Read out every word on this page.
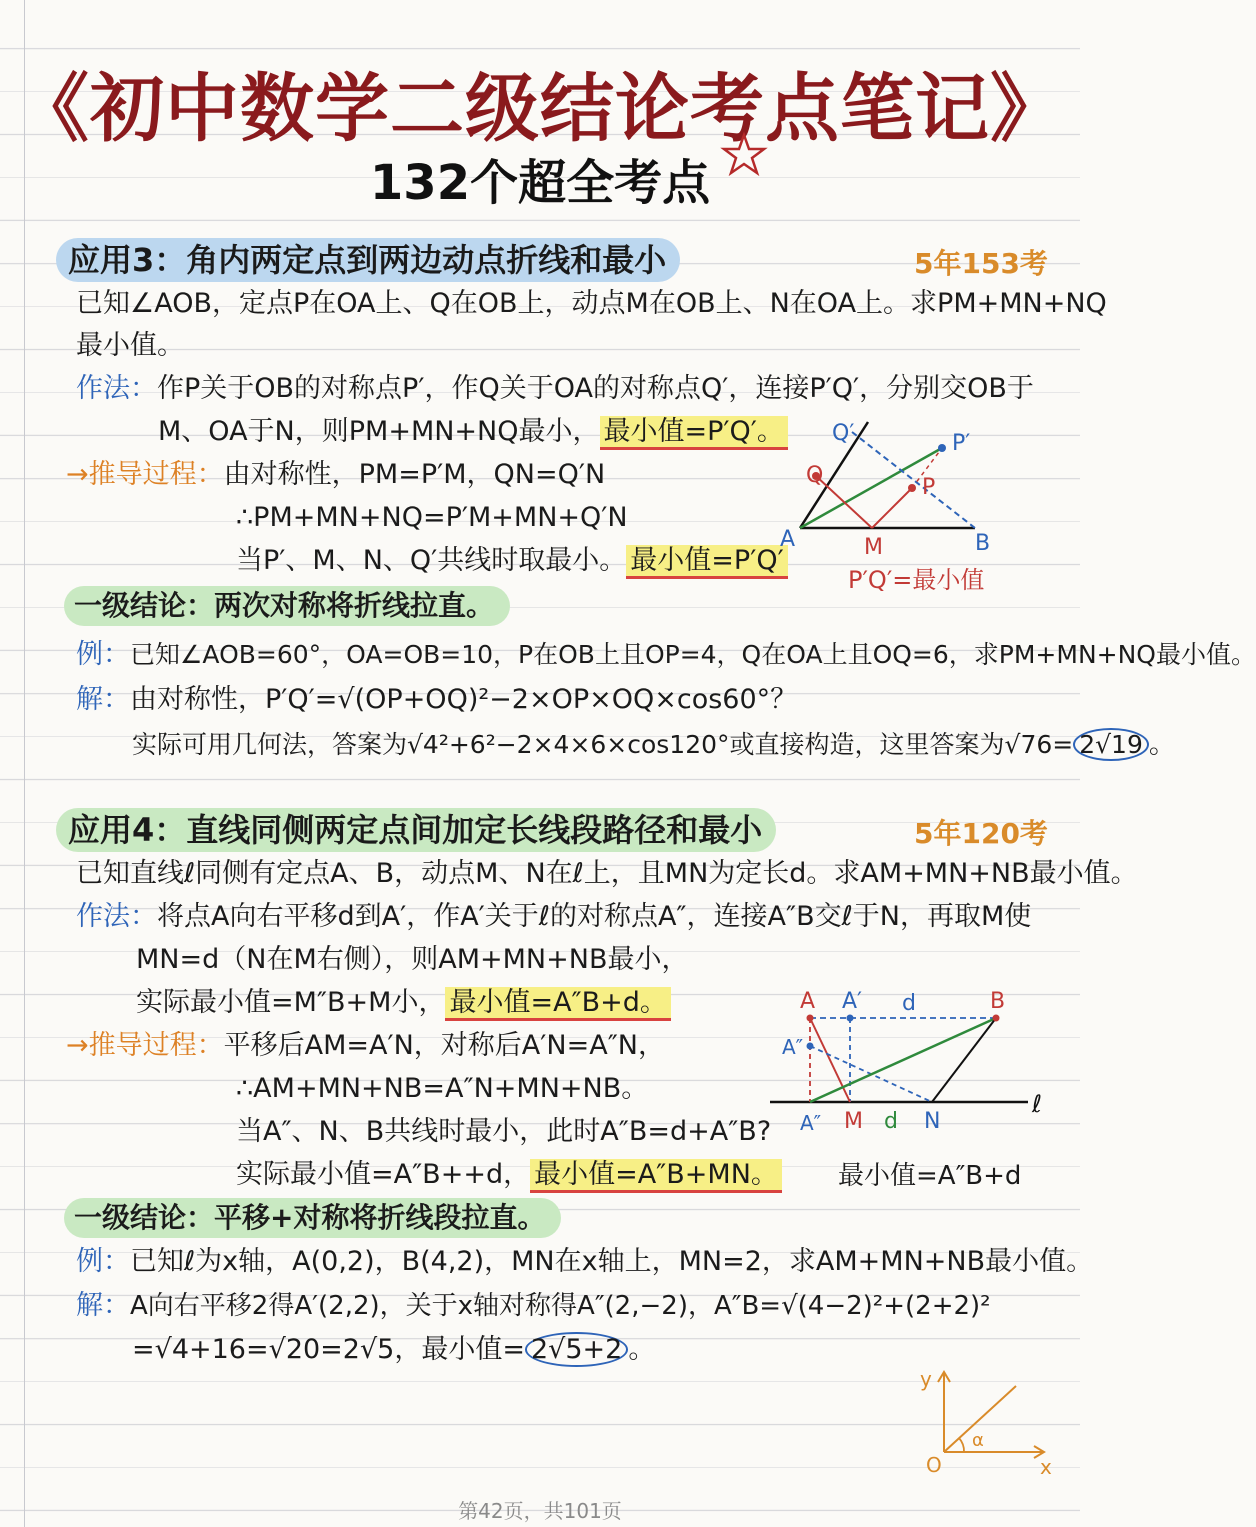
《初中数学二级结论考点笔记》
132个超全考点
应用3：角内两定点到两边动点折线和最小	5年153考
已知∠AOB，定点P在OA上、Q在OB上，动点M在OB上、N在OA上。求PM+MN+NQ
最小值。
作法：作P关于OB的对称点P′，作Q关于OA的对称点Q′，连接P′Q′，分别交OB于
M、OA于N，则PM+MN+NQ最小， 最小值=P′Q′。
→推导过程：由对称性，PM=P′M，QN=Q′N
∴PM+MN+NQ=P′M+MN+Q′N
当P′、M、N、Q′共线时取最小。 最小值=P′Q′
Q′	P′
Q	P
A	M	B
P′Q′=最小值
一级结论：两次对称将折线拉直。
例：已知∠AOB=60°，OA=OB=10，P在OB上且OP=4，Q在OA上且OQ=6，求PM+MN+NQ最小值。
解：由对称性，P′Q′=√(OP+OQ)²−2×OP×OQ×cos60°？
实际可用几何法，答案为√4²+6²−2×4×6×cos120°或直接构造，这里答案为√76= 2√19 。
应用4：直线同侧两定点间加定长线段路径和最小	5年120考
已知直线ℓ同侧有定点A、B，动点M、N在ℓ上，且MN为定长d。求AM+MN+NB最小值。
作法：将点A向右平移d到A′，作A′关于ℓ的对称点A″，连接A″B交ℓ于N，再取M使
MN=d（N在M右侧），则AM+MN+NB最小，
实际最小值=M″B+M小， 最小值=A″B+d。
→推导过程：平移后AM=A′N，对称后A′N=A″N，
∴AM+MN+NB=A″N+MN+NB。
当A″、N、B共线时最小，此时A″B=d+A″B?
实际最小值=A″B++d， 最小值=A″B+MN。
A A′ d	B
A″
ℓ
A″ M d N
最小值=A″B+d
一级结论：平移+对称将折线段拉直。
例：已知ℓ为x轴，A(0,2)，B(4,2)，MN在x轴上，MN=2，求AM+MN+NB最小值。
解：A向右平移2得A′(2,2)，关于x轴对称得A″(2,−2)，A″B=√(4−2)²+(2+2)²
=√4+16=√20=2√5，最小值= 2√5+2 。
y
O	x
α
第42页，共101页
